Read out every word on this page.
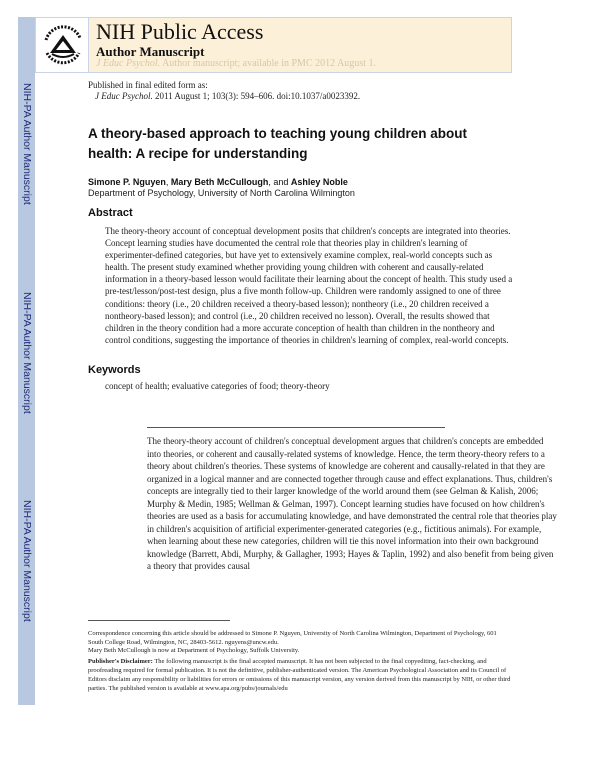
NIH-PA Author Manuscript
NIH-PA Author Manuscript
NIH-PA Author Manuscript
NIH Public Access
Author Manuscript
J Educ Psychol. Author manuscript; available in PMC 2012 August 1.
Published in final edited form as:
J Educ Psychol. 2011 August 1; 103(3): 594–606. doi:10.1037/a0023392.
A theory-based approach to teaching young children about health: A recipe for understanding
Simone P. Nguyen, Mary Beth McCullough, and Ashley Noble
Department of Psychology, University of North Carolina Wilmington
Abstract
The theory-theory account of conceptual development posits that children's concepts are integrated into theories. Concept learning studies have documented the central role that theories play in children's learning of experimenter-defined categories, but have yet to extensively examine complex, real-world concepts such as health. The present study examined whether providing young children with coherent and causally-related information in a theory-based lesson would facilitate their learning about the concept of health. This study used a pre-test/lesson/post-test design, plus a five month follow-up. Children were randomly assigned to one of three conditions: theory (i.e., 20 children received a theory-based lesson); nontheory (i.e., 20 children received a nontheory-based lesson); and control (i.e., 20 children received no lesson). Overall, the results showed that children in the theory condition had a more accurate conception of health than children in the nontheory and control conditions, suggesting the importance of theories in children's learning of complex, real-world concepts.
Keywords
concept of health; evaluative categories of food; theory-theory
The theory-theory account of children's conceptual development argues that children's concepts are embedded into theories, or coherent and causally-related systems of knowledge. Hence, the term theory-theory refers to a theory about children's theories. These systems of knowledge are coherent and causally-related in that they are organized in a logical manner and are connected together through cause and effect explanations. Thus, children's concepts are integrally tied to their larger knowledge of the world around them (see Gelman & Kalish, 2006; Murphy & Medin, 1985; Wellman & Gelman, 1997). Concept learning studies have focused on how children's theories are used as a basis for accumulating knowledge, and have demonstrated the central role that theories play in children's acquisition of artificial experimenter-generated categories (e.g., fictitious animals). For example, when learning about these new categories, children will tie this novel information into their own background knowledge (Barrett, Abdi, Murphy, & Gallagher, 1993; Hayes & Taplin, 1992) and also benefit from being given a theory that provides causal
Correspondence concerning this article should be addressed to Simone P. Nguyen, University of North Carolina Wilmington, Department of Psychology, 601 South College Road, Wilmington, NC, 28403-5612. nguyens@uncw.edu.
Mary Beth McCullough is now at Department of Psychology, Suffolk University.
Publisher's Disclaimer: The following manuscript is the final accepted manuscript. It has not been subjected to the final copyediting, fact-checking, and proofreading required for formal publication. It is not the definitive, publisher-authenticated version. The American Psychological Association and its Council of Editors disclaim any responsibility or liabilities for errors or omissions of this manuscript version, any version derived from this manuscript by NIH, or other third parties. The published version is available at www.apa.org/pubs/journals/edu
